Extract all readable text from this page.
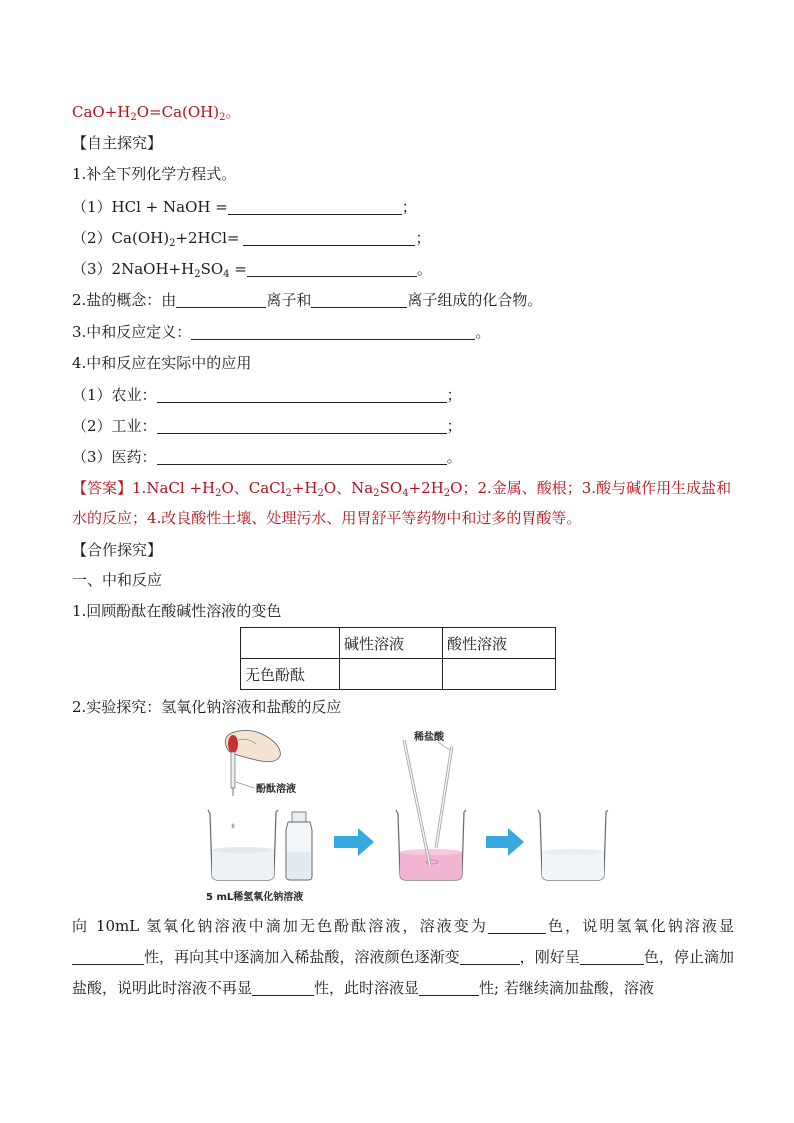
$CaO+H_2O=Ca(OH)_2$。
【自主探究】
1.补全下列化学方程式。
（1）HCl + NaOH =	；
$(2)Ca(OH)_2+2HCl=$	；
$(3)2NaOH+H_2SO_4$ =	。
2.盐的概念：由	离子和	离子组成的化合物。
3.中和反应定义：	。
4.中和反应在实际中的应用
（1）农业：	；
（2）工业：	；
（3）医药：	。
【答案】1.NaCl $+H_2O$、$CaCl_2+H_2O$、$Na_2SO_4+2H_2O$；2.金属、酸根；3.酸与碱作用生成盐和水的反应；4.改良酸性土壤、处理污水、用胃舒平等药物中和过多的胃酸等。
【合作探究】
一、中和反应
1.回顾酚酞在酸碱性溶液的变色
	碱性溶液	酸性溶液
无色酚酞		
2.实验探究：氢氧化钠溶液和盐酸的反应
酚酞溶液
5 mL稀氢氧化钠溶液
稀盐酸
向 10mL 氢氧化钠溶液中滴加无色酚酞溶液，溶液变为	色，说明氢氧化钠溶液显性，再向其中逐滴加入稀盐酸，溶液颜色逐渐变	，刚好呈	色，停止滴加盐酸，说明此时溶液不再显	性，此时溶液显	性; 若继续滴加盐酸，溶液
